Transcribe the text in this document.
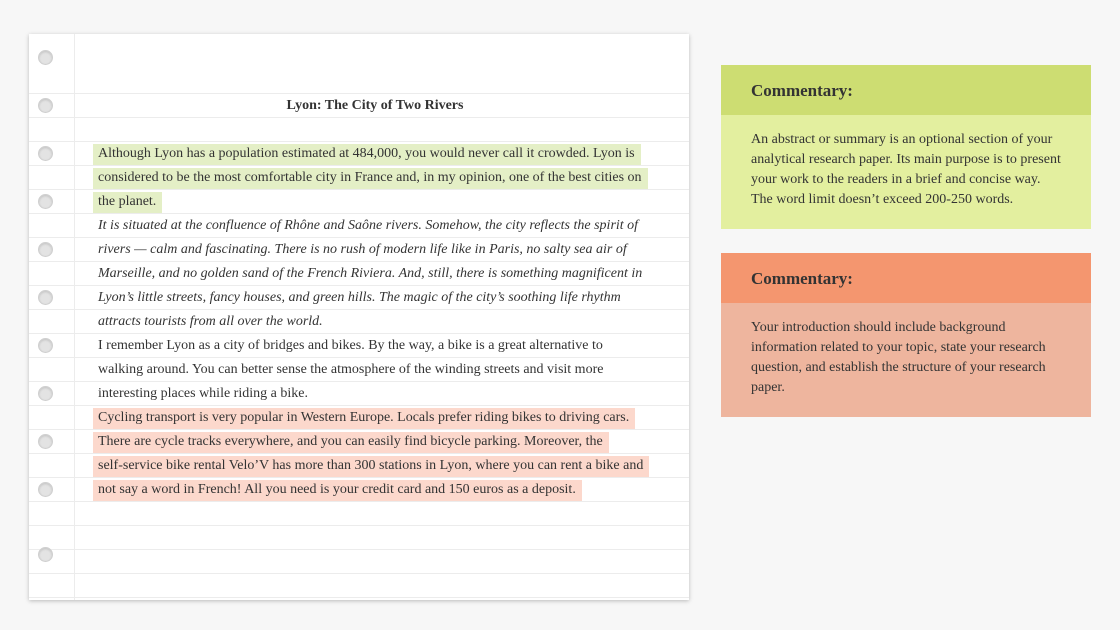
Lyon: The City of Two Rivers
Although Lyon has a population estimated at 484,000, you would never call it crowded. Lyon is
considered to be the most comfortable city in France and, in my opinion, one of the best cities on
the planet.
It is situated at the confluence of Rhône and Saône rivers. Somehow, the city reflects the spirit of
rivers — calm and fascinating. There is no rush of modern life like in Paris, no salty sea air of
Marseille, and no golden sand of the French Riviera. And, still, there is something magnificent in
Lyon’s little streets, fancy houses, and green hills. The magic of the city’s soothing life rhythm
attracts tourists from all over the world.
I remember Lyon as a city of bridges and bikes. By the way, a bike is a great alternative to
walking around. You can better sense the atmosphere of the winding streets and visit more
interesting places while riding a bike.
Cycling transport is very popular in Western Europe. Locals prefer riding bikes to driving cars.
There are cycle tracks everywhere, and you can easily find bicycle parking. Moreover, the
self-service bike rental Velo’V has more than 300 stations in Lyon, where you can rent a bike and
not say a word in French! All you need is your credit card and 150 euros as a deposit.
Commentary:
An abstract or summary is an optional section of your analytical research paper. Its main purpose is to present your work to the readers in a brief and concise way. The word limit doesn’t exceed 200-250 words.
Commentary:
Your introduction should include background information related to your topic, state your research question, and establish the structure of your research paper.
